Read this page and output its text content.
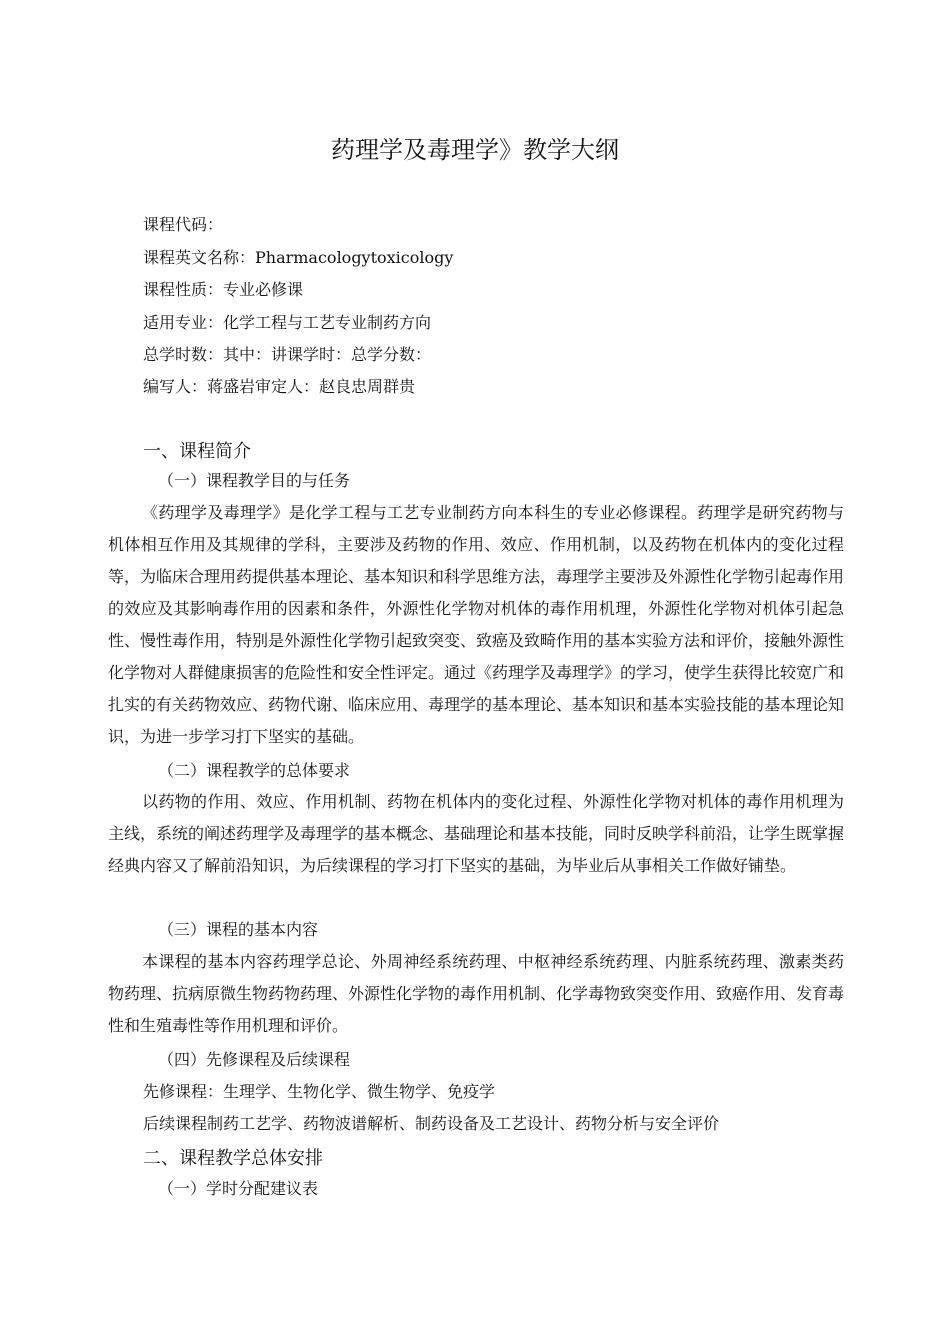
药理学及毒理学》教学大纲
课程代码：
课程英文名称：Pharmacologytoxicology
课程性质：专业必修课
适用专业：化学工程与工艺专业制药方向
总学时数：其中：讲课学时：总学分数：
编写人：蒋盛岩审定人：赵良忠周群贵
一、课程简介
（一）课程教学目的与任务

《药理学及毒理学》是化学工程与工艺专业制药方向本科生的专业必修课程。药理学是研究药物与机体相互作用及其规律的学科，主要涉及药物的作用、效应、作用机制，以及药物在机体内的变化过程等，为临床合理用药提供基本理论、基本知识和科学思维方法，毒理学主要涉及外源性化学物引起毒作用的效应及其影响毒作用的因素和条件，外源性化学物对机体的毒作用机理，外源性化学物对机体引起急性、慢性毒作用，特别是外源性化学物引起致突变、致癌及致畸作用的基本实验方法和评价，接触外源性化学物对人群健康损害的危险性和安全性评定。通过《药理学及毒理学》的学习，使学生获得比较宽广和扎实的有关药物效应、药物代谢、临床应用、毒理学的基本理论、基本知识和基本实验技能的基本理论知识，为进一步学习打下坚实的基础。

（二）课程教学的总体要求

以药物的作用、效应、作用机制、药物在机体内的变化过程、外源性化学物对机体的毒作用机理为主线，系统的阐述药理学及毒理学的基本概念、基础理论和基本技能，同时反映学科前沿，让学生既掌握经典内容又了解前沿知识，为后续课程的学习打下坚实的基础，为毕业后从事相关工作做好铺垫。

（三）课程的基本内容

本课程的基本内容药理学总论、外周神经系统药理、中枢神经系统药理、内脏系统药理、激素类药物药理、抗病原微生物药物药理、外源性化学物的毒作用机制、化学毒物致突变作用、致癌作用、发育毒性和生殖毒性等作用机理和评价。

（四）先修课程及后续课程
先修课程：生理学、生物化学、微生物学、免疫学
后续课程制药工艺学、药物波谱解析、制药设备及工艺设计、药物分析与安全评价
二、课程教学总体安排
（一）学时分配建议表
